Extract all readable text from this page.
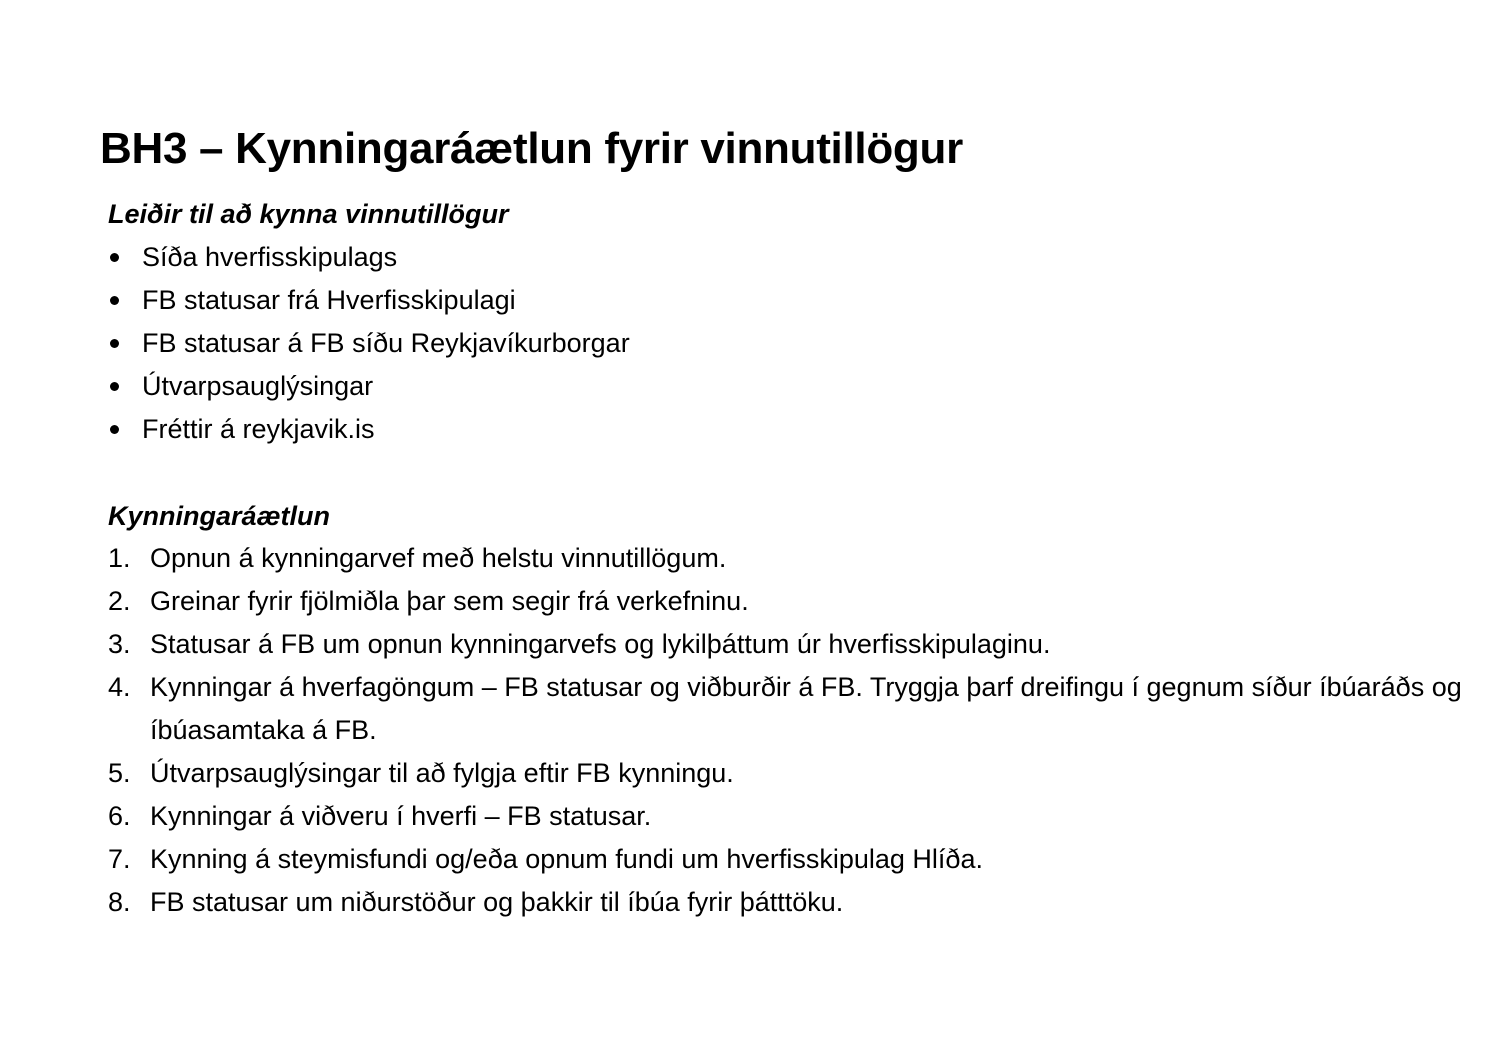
BH3 – Kynningaráætlun fyrir vinnutillögur
Leiðir til að kynna vinnutillögur
Síða hverfisskipulags
FB statusar frá Hverfisskipulagi
FB statusar á FB síðu Reykjavíkurborgar
Útvarpsauglýsingar
Fréttir á reykjavik.is
Kynningaráætlun
1. Opnun á kynningarvef með helstu vinnutillögum.
2. Greinar fyrir fjölmiðla þar sem segir frá verkefninu.
3. Statusar á FB um opnun kynningarvefs og lykilþáttum úr hverfisskipulaginu.
4. Kynningar á hverfagöngum – FB statusar og viðburðir á FB. Tryggja þarf dreifingu í gegnum síður íbúaráðs og íbúasamtaka á FB.
5. Útvarpsauglýsingar til að fylgja eftir FB kynningu.
6. Kynningar á viðveru í hverfi – FB statusar.
7. Kynning á steymisfundi og/eða opnum fundi um hverfisskipulag Hlíða.
8. FB statusar um niðurstöður og þakkir til íbúa fyrir þátttöku.
